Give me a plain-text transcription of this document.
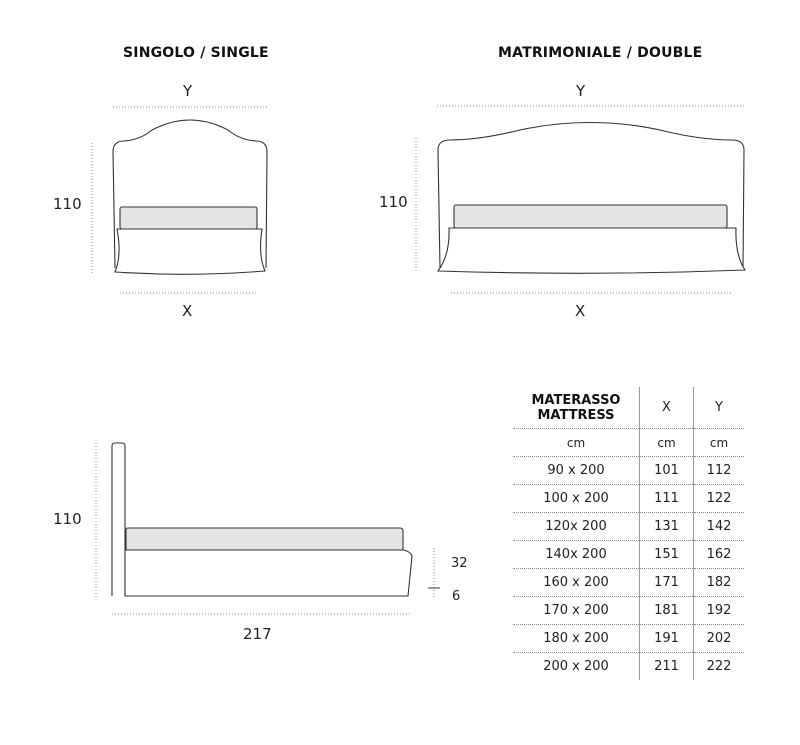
SINGOLO / SINGLE	MATRIMONIALE / DOUBLE
Y
110
X
Y
110
X
110
217
32
6
MATERASSO
MATTRESS	X	Y
cm	cm	cm
90 x 200	101	112
100 x 200	111	122
120x 200	131	142
140x 200	151	162
160 x 200	171	182
170 x 200	181	192
180 x 200	191	202
200 x 200	211	222
